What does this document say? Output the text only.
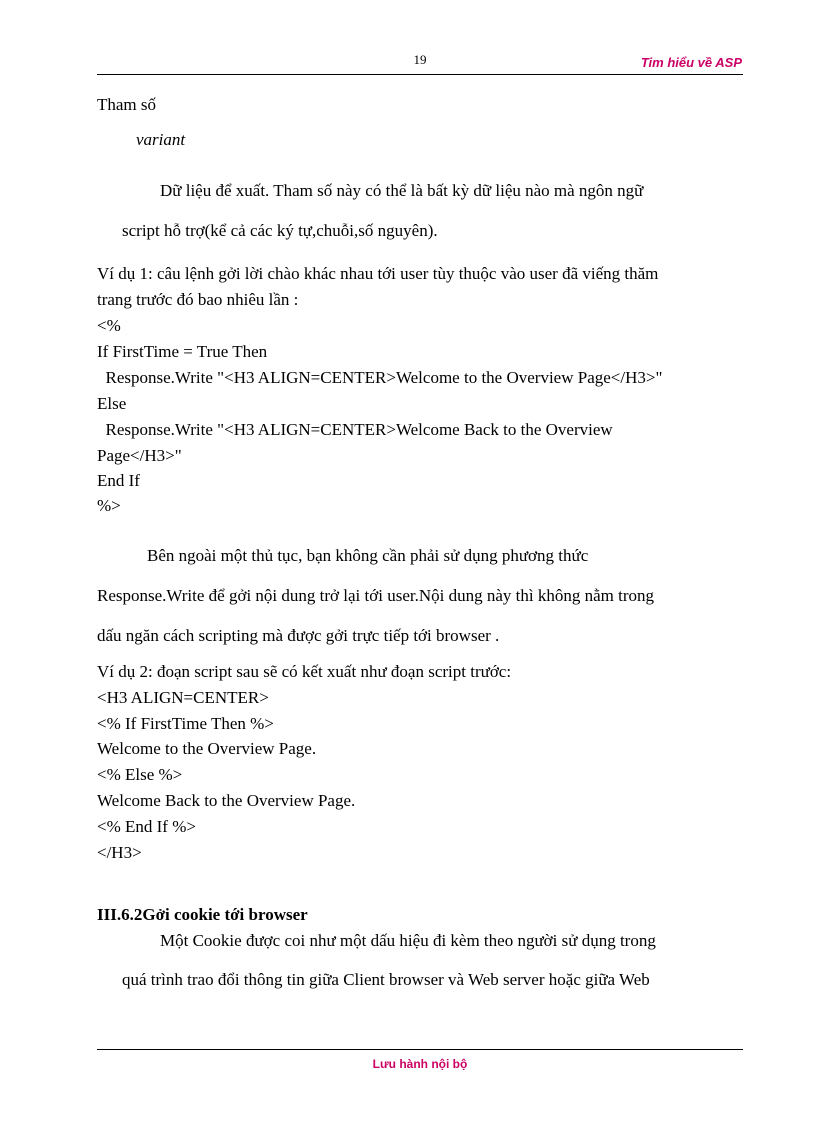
19	Tim hiểu về ASP
Tham số
variant
Dữ liệu để xuất. Tham số này có thể là bất kỳ dữ liệu nào mà ngôn ngữ
script hỗ trợ(kể cả các ký tự,chuỗi,số nguyên).
Ví dụ 1: câu lệnh gởi lời chào khác nhau tới user tùy thuộc vào user đã viếng thăm
trang trước đó bao nhiêu lần :
<%
If FirstTime = True Then
Response.Write "<H3 ALIGN=CENTER>Welcome to the Overview Page</H3>"
Else
Response.Write "<H3 ALIGN=CENTER>Welcome Back to the Overview
Page</H3>"
End If
%>
Bên ngoài một thủ tục, bạn không cần phải sử dụng phương thức
Response.Write để gởi nội dung trở lại tới user.Nội dung này thì không nằm trong
dấu ngăn cách scripting mà được gởi trực tiếp tới browser .
Ví dụ 2: đoạn script sau sẽ có kết xuất như đoạn script trước:
<H3 ALIGN=CENTER>
<% If FirstTime Then %>
Welcome to the Overview Page.
<% Else %>
Welcome Back to the Overview Page.
<% End If %>
</H3>
III.6.2Gởi cookie tới browser
Một Cookie được coi như một dấu hiệu đi kèm theo người sử dụng trong
quá trình trao đổi thông tin giữa Client browser và Web server hoặc giữa Web
Lưu hành nội bộ
